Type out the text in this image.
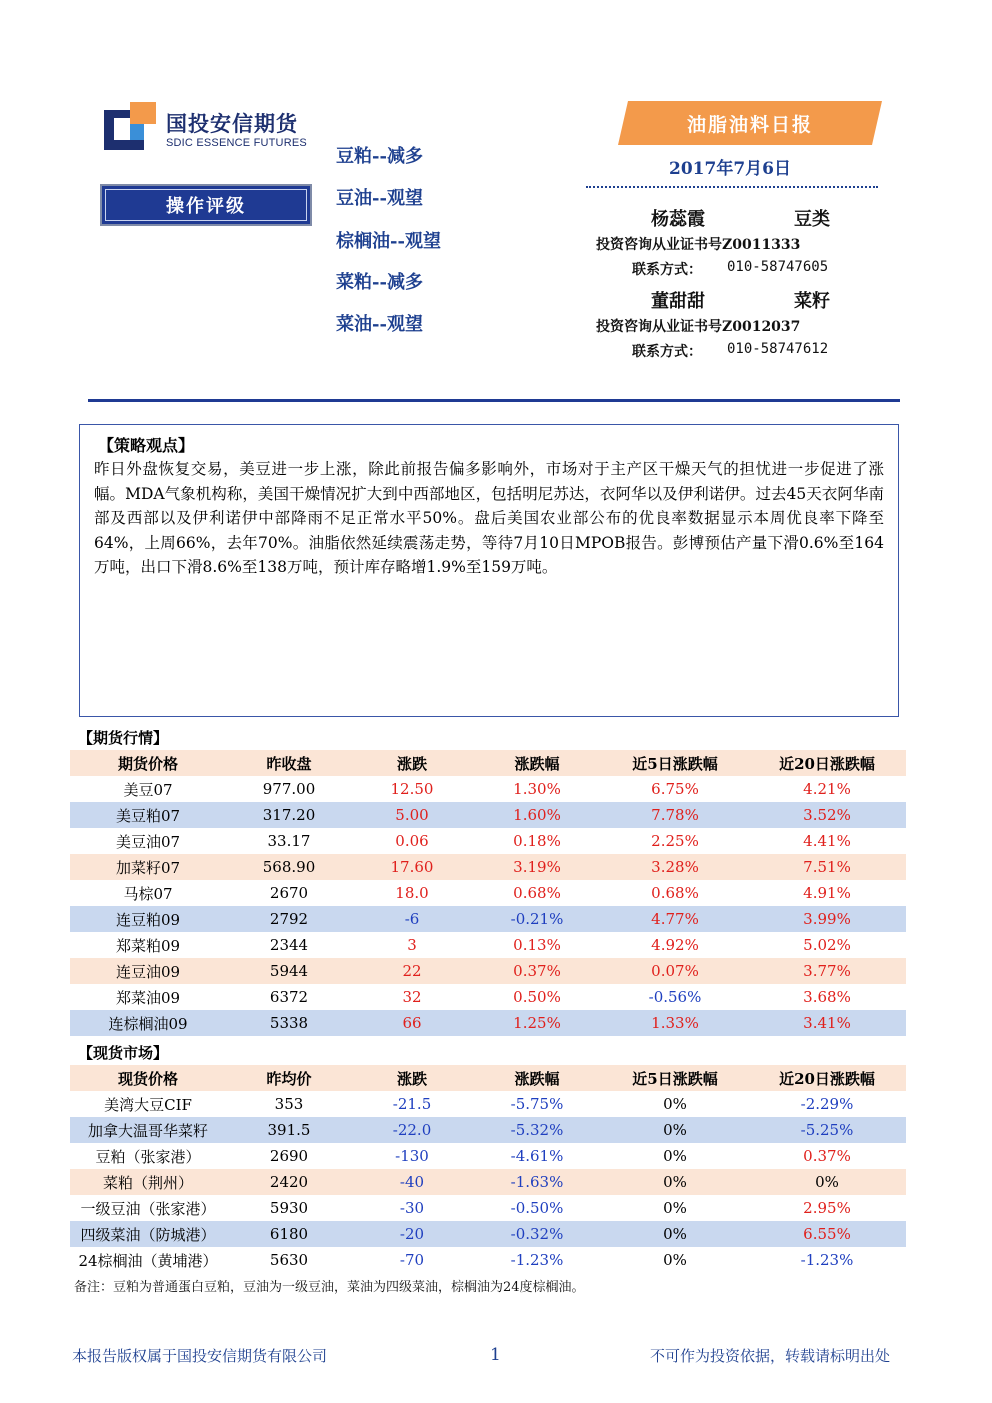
国投安信期货
SDIC ESSENCE FUTURES
操作评级
豆粕--减多
豆油--观望
棕榈油--观望
菜粕--减多
菜油--观望
油脂油料日报
2017年7月6日
杨蕊霞	豆类
投资咨询从业证书号Z0011333
联系方式： 010-58747605
董甜甜	菜籽
投资咨询从业证书号Z0012037
联系方式： 010-58747612
【策略观点】
昨日外盘恢复交易，美豆进一步上涨，除此前报告偏多影响外，市场对于主产区干燥天气的担忧进一步促进了涨幅。MDA气象机构称，美国干燥情况扩大到中西部地区，包括明尼苏达，衣阿华以及伊利诺伊。过去45天衣阿华南部及西部以及伊利诺伊中部降雨不足正常水平50%。盘后美国农业部公布的优良率数据显示本周优良率下降至64%，上周66%，去年70%。油脂依然延续震荡走势，等待7月10日MPOB报告。彭博预估产量下滑0.6%至164万吨，出口下滑8.6%至138万吨，预计库存略增1.9%至159万吨。
【期货行情】
期货价格	昨收盘	涨跌	涨跌幅	近5日涨跌幅	近20日涨跌幅
美豆07	977.00	12.50	1.30%	6.75%	4.21%
美豆粕07	317.20	5.00	1.60%	7.78%	3.52%
美豆油07	33.17	0.06	0.18%	2.25%	4.41%
加菜籽07	568.90	17.60	3.19%	3.28%	7.51%
马棕07	2670	18.0	0.68%	0.68%	4.91%
连豆粕09	2792	-6	-0.21%	4.77%	3.99%
郑菜粕09	2344	3	0.13%	4.92%	5.02%
连豆油09	5944	22	0.37%	0.07%	3.77%
郑菜油09	6372	32	0.50%	-0.56%	3.68%
连棕榈油09	5338	66	1.25%	1.33%	3.41%
【现货市场】
现货价格	昨均价	涨跌	涨跌幅	近5日涨跌幅	近20日涨跌幅
美湾大豆CIF	353	-21.5	-5.75%	0%	-2.29%
加拿大温哥华菜籽	391.5	-22.0	-5.32%	0%	-5.25%
豆粕（张家港）	2690	-130	-4.61%	0%	0.37%
菜粕（荆州）	2420	-40	-1.63%	0%	0%
一级豆油（张家港）	5930	-30	-0.50%	0%	2.95%
四级菜油（防城港）	6180	-20	-0.32%	0%	6.55%
24棕榈油（黄埔港）	5630	-70	-1.23%	0%	-1.23%
备注：豆粕为普通蛋白豆粕，豆油为一级豆油，菜油为四级菜油，棕榈油为24度棕榈油。
本报告版权属于国投安信期货有限公司	1	不可作为投资依据，转载请标明出处
